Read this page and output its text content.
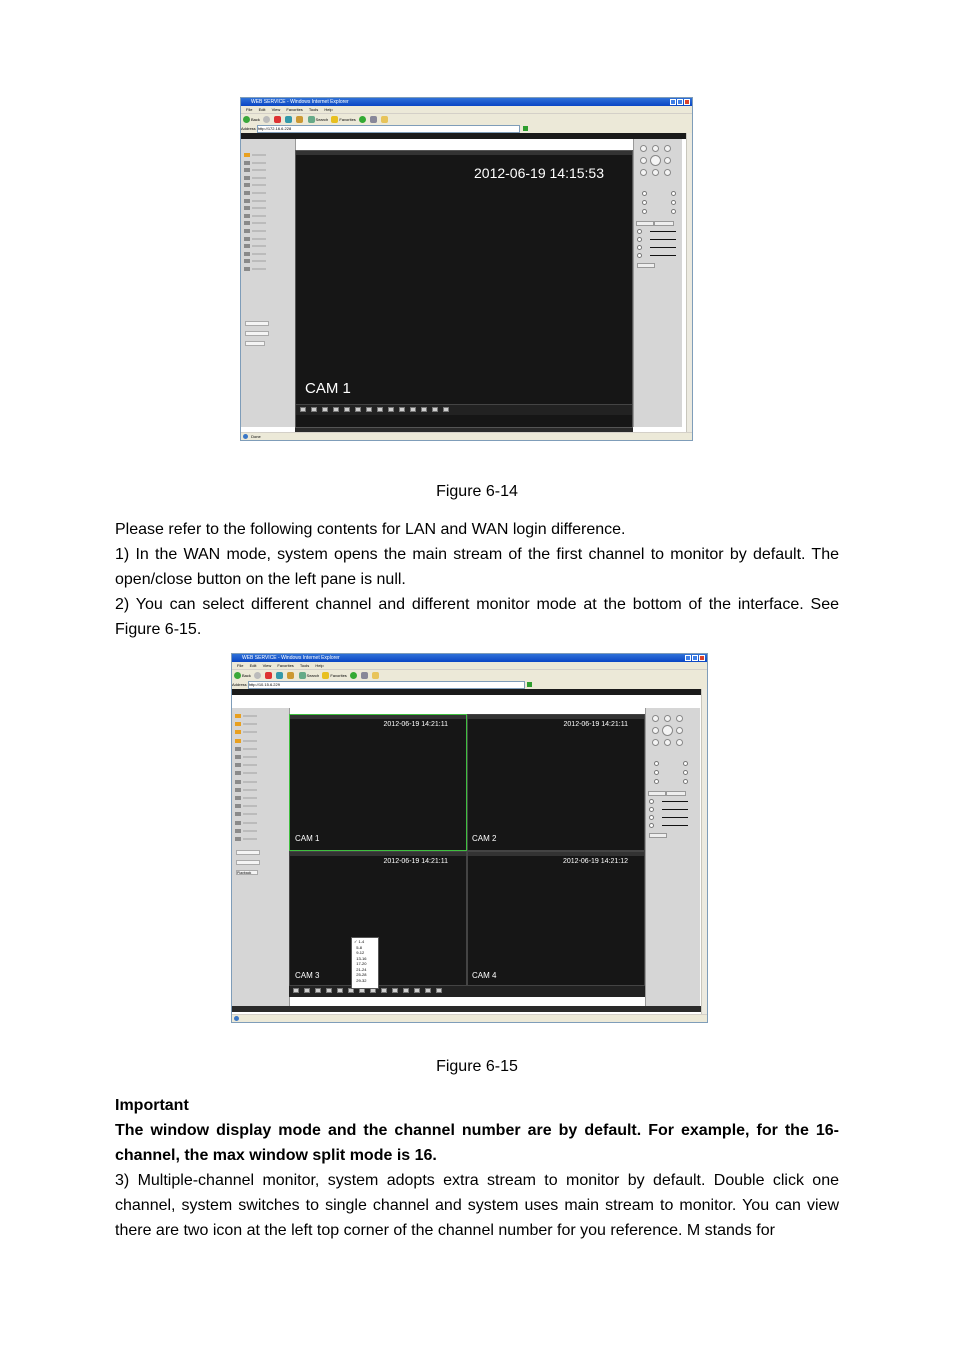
WEB SERVICE - Windows Internet Explorer
File Edit View Favorites Tools Help
Back	Search	Favorites
Address http://172.16.6.228
2012-06-19 14:15:53
CAM 1
Done
Figure 6-14

Please refer to the following contents for LAN and WAN login difference.

1) In the WAN mode, system opens the main stream of the first channel to monitor by default. The open/close button on the left pane is null.

2) You can select different channel and different monitor mode at the bottom of the interface. See Figure 6-15.

WEB SERVICE - Windows Internet Explorer
File Edit View Favorites Tools Help
Back	Search	Favorites
Address http://10.15.6.229
Playback
2012-06-19 14:21:11
CAM 1
2012-06-19 14:21:11
CAM 2
2012-06-19 14:21:11
CAM 3
2012-06-19 14:21:12
CAM 4
✓ 1-4
5-8
9-12
13-16
17-20
21-24
25-28
29-32
Figure 6-15

Important

The window display mode and the channel number are by default. For example, for the 16-channel, the max window split mode is 16.

3) Multiple-channel monitor, system adopts extra stream to monitor by default. Double click one channel, system switches to single channel and system uses main stream to monitor. You can view there are two icon at the left top corner of the channel number for you reference. M stands for
